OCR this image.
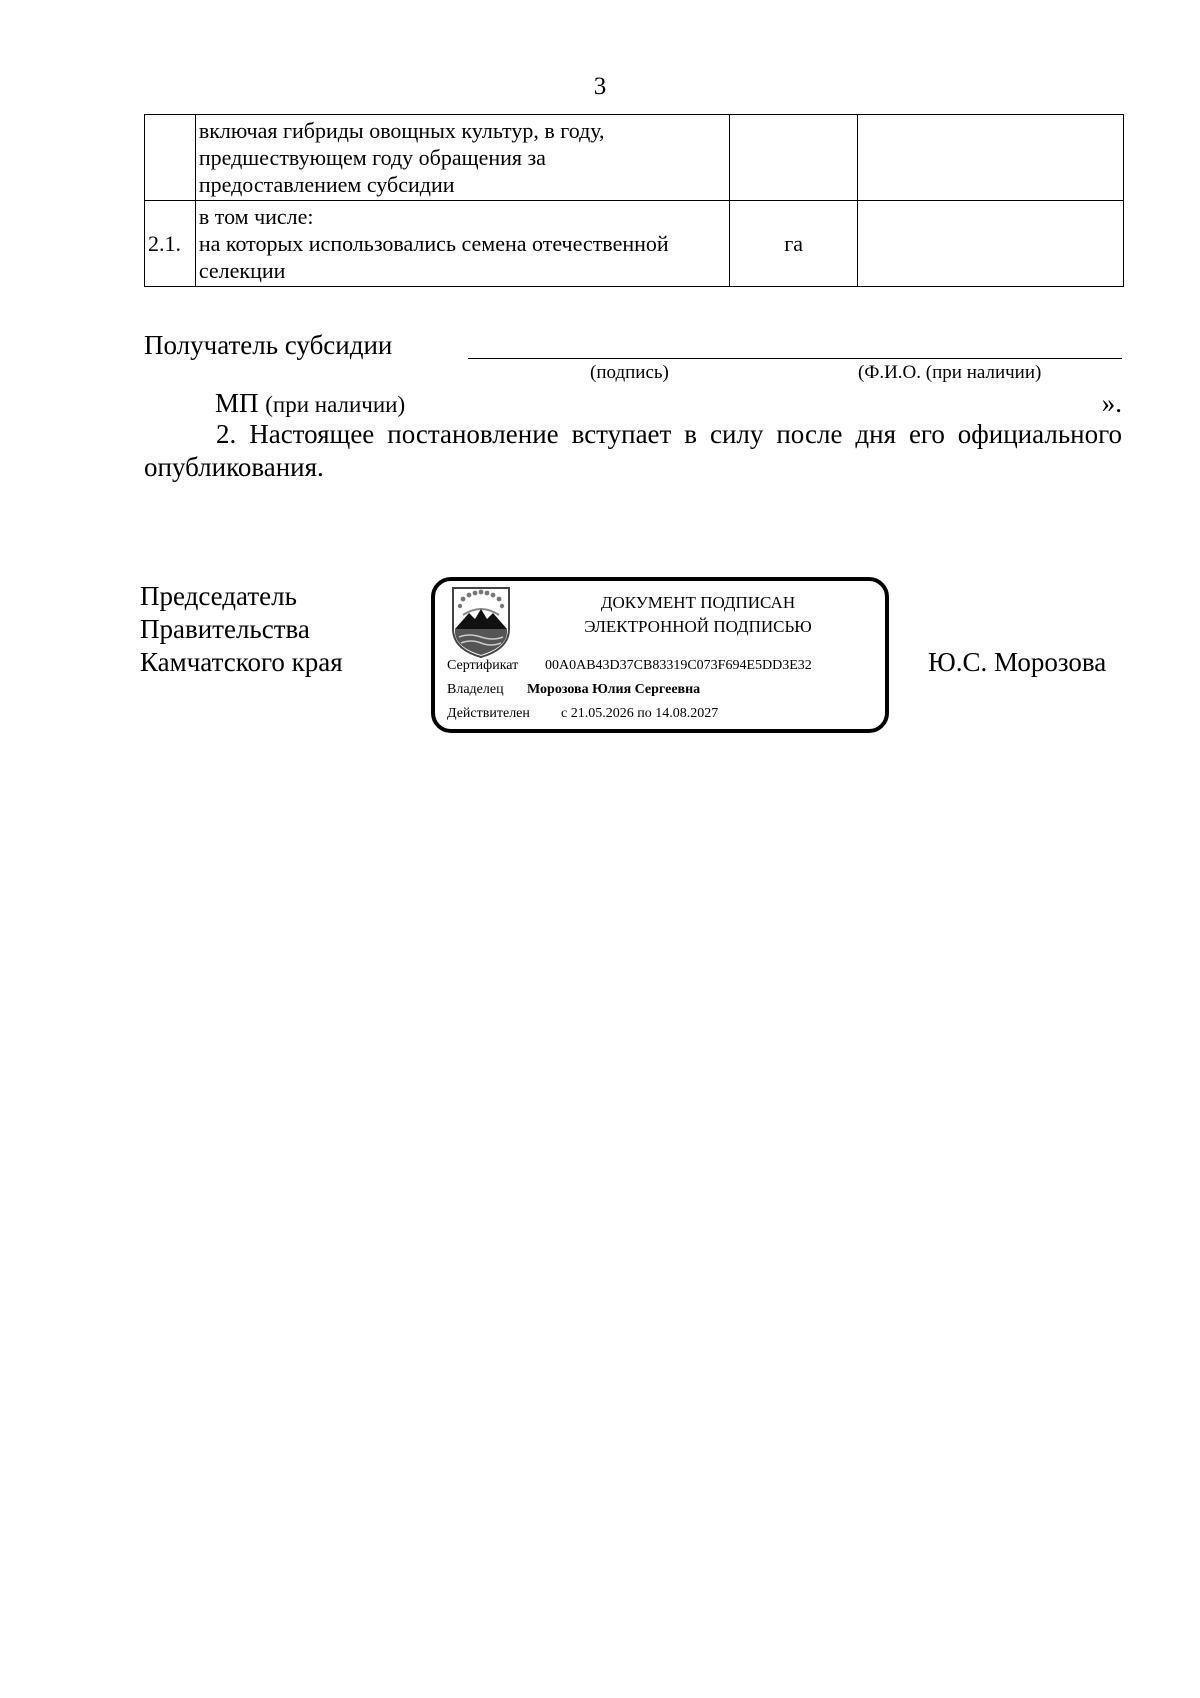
3

	включая гибриды овощных культур, в году,
предшествующем году обращения за
предоставлением субсидии		

2.1.	в том числе:
на которых использовались семена отечественной
селекции	га	
Получатель субсидии
(подпись)	(Ф.И.О. (при наличии)
МП (при наличии)	».
2. Настоящее постановление вступает в силу после дня его официального
опубликования.
Председатель
Правительства
Камчатского края
ДОКУМЕНТ ПОДПИСАН
ЭЛЕКТРОННОЙ ПОДПИСЬЮ
Сертификат 00A0AB43D37CB83319C073F694E5DD3E32
Владелец Морозова Юлия Сергеевна
Действителен с 21.05.2026 по 14.08.2027
Ю.С. Морозова
